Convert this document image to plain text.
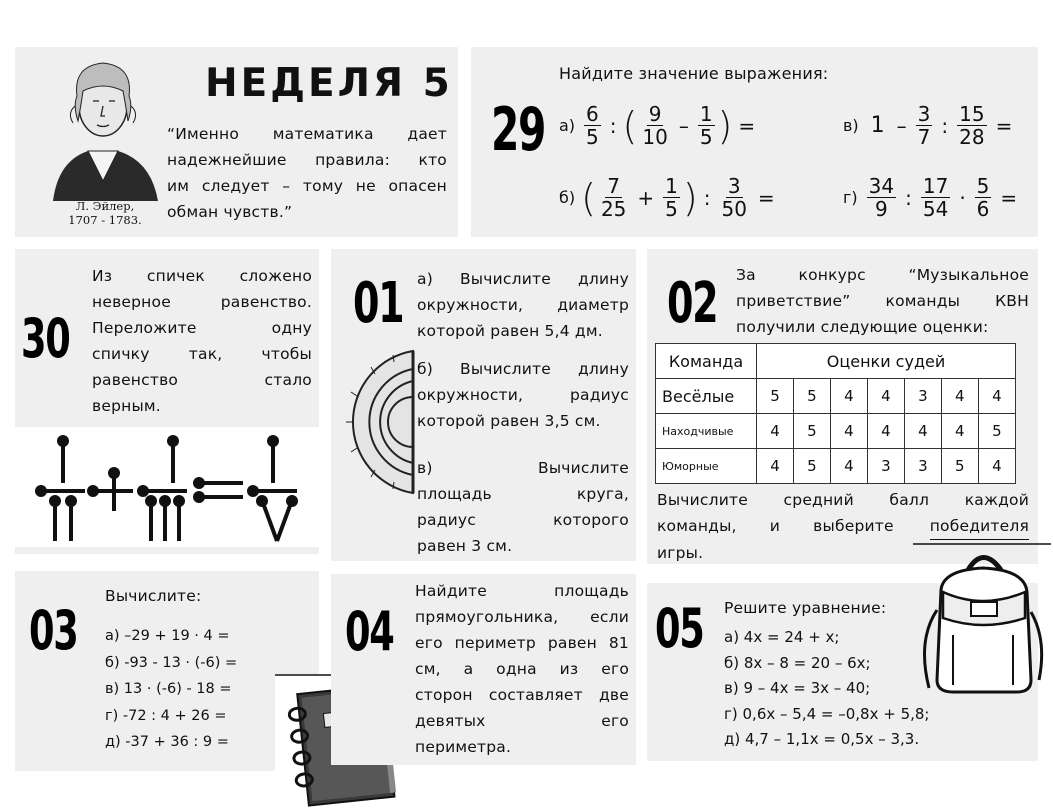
Л. Эйлер,
1707 - 1783.
НЕДЕЛЯ 5
“Именно математика дает
надежнейшие правила: кто
им следует – тому не опасен
обман чувств.”
29
Найдите значение выражения:
$а) \frac{6}{5}$ : ( $\frac{9}{10} - \frac{1}{5}$ ) =
б) ( $\frac{7}{25} + \frac{1}{5}$ ) : $\frac{3}{50}$ =
в) $1 - \frac{3}{7}$ : $\frac{15}{28}$ =
$г) \frac{34}{9}$ : $\frac{17}{54} \cdot \frac{5}{6}$ =
30
Из спичек сложено
неверное равенство.
Переложите одну
спичку так, чтобы
равенство стало
верным.
01 а) Вычислите длину
окружности, диаметр
которой равен 5,4 дм.
б) Вычислите длину
окружности, радиус
которой равен 3,5 см.
в) Вычислите
площадь круга,
радиус которого
равен 3 см.
02 За конкурс “Музыкальное
приветствие” команды КВН
получили следующие оценки:
Команда	Оценки судей						
Весёлые	5	5	4	4	3	4	4
Находчивые	4	5	4	4	4	4	5
Юморные	4	5	4	3	3	5	4
Вычислите средний балл каждой
команды, и выберите победителя
игры.
03
Вычислите:
а) –29 + 19 · 4 =
б) -93 - 13 · (-6) =
в) 13 · (-6) - 18 =
г) -72 : 4 + 26 =
д) -37 + 36 : 9 =
04
Найдите площадь
прямоугольника, если
его периметр равен 81
см, а одна из его
сторон составляет две
девятых его
периметра.
05 Решите уравнение:
а) 4х = 24 + х;
б) 8х – 8 = 20 – 6х;
в) 9 – 4х = 3х – 40;
г) 0,6х – 5,4 = –0,8х + 5,8;
д) 4,7 – 1,1х = 0,5х – 3,3.
